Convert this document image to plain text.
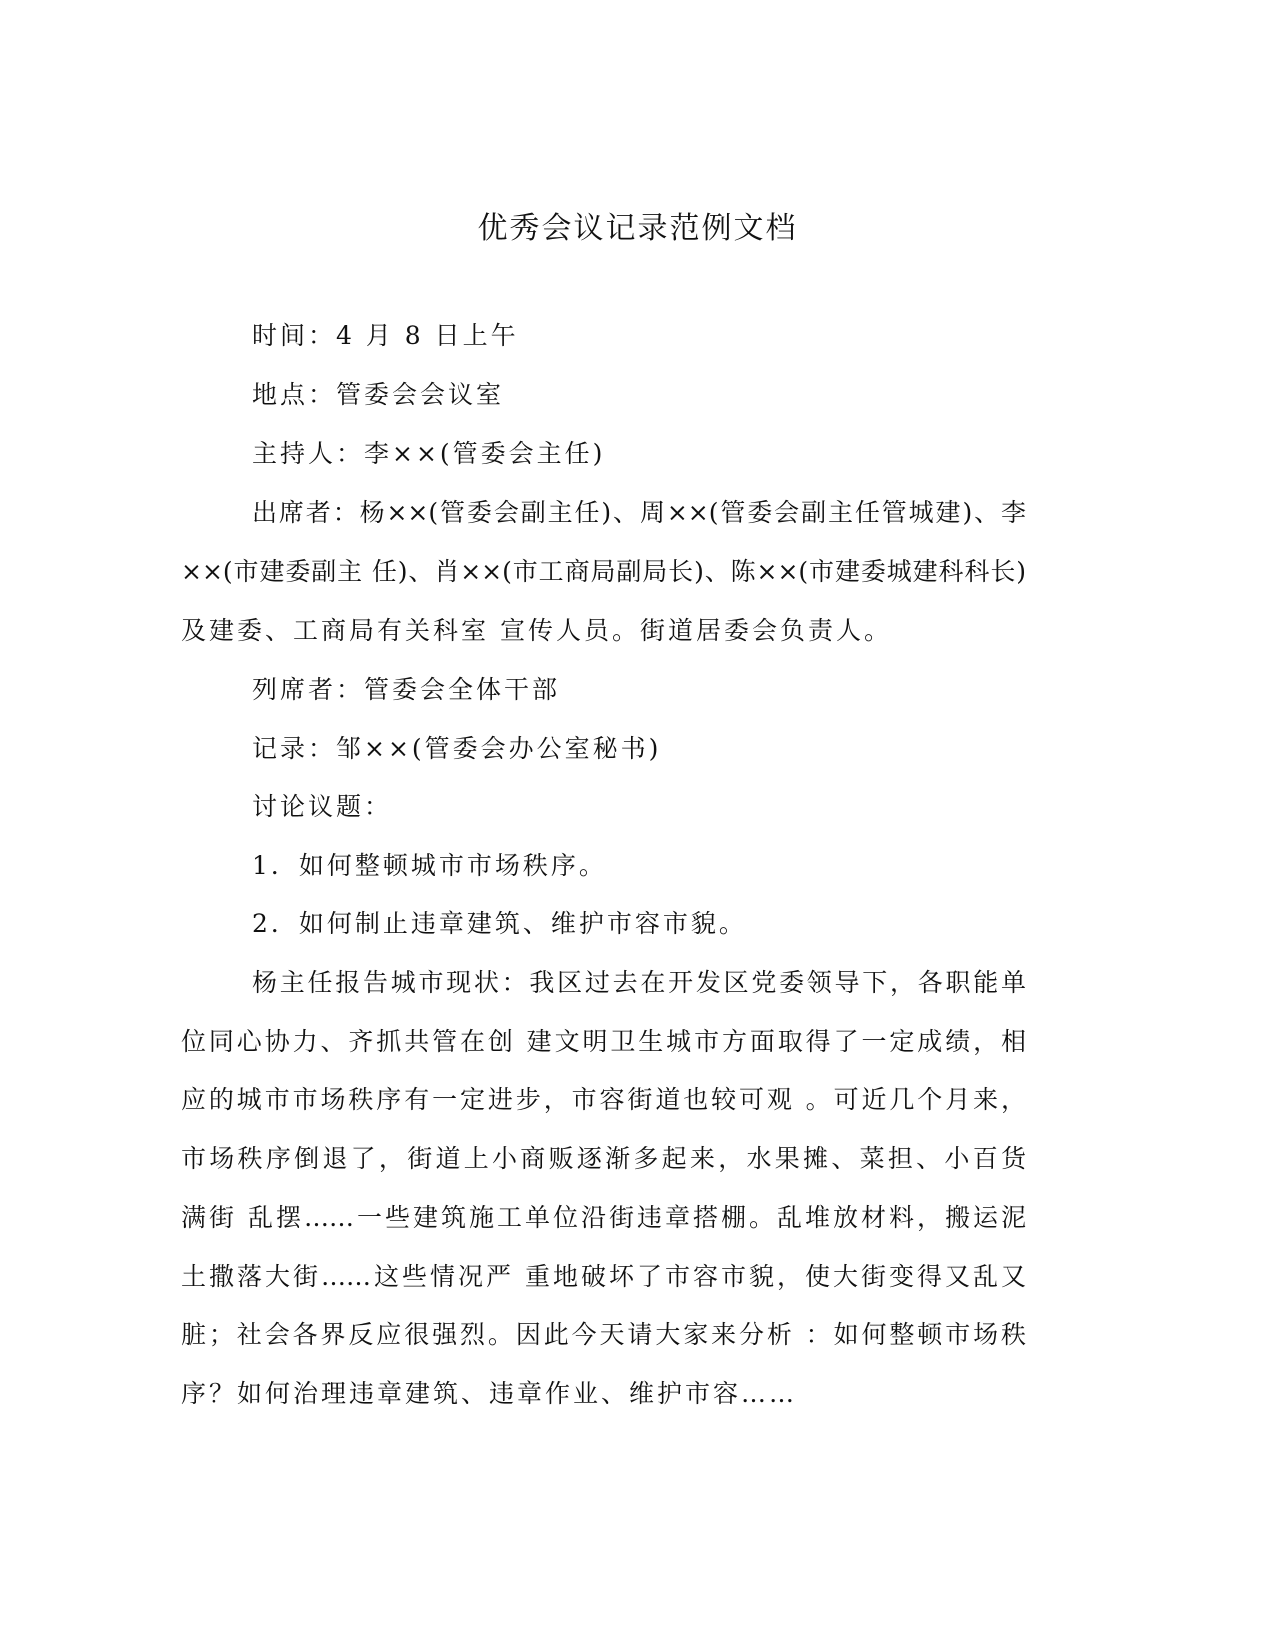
优秀会议记录范例文档
时间：4 月 8 日上午
地点：管委会会议室
主持人：李××(管委会主任)
出席者：杨××(管委会副主任)、周××(管委会副主任管城建)、李
××(市建委副主 任)、肖××(市工商局副局长)、陈××(市建委城建科科长)
及建委、工商局有关科室 宣传人员。街道居委会负责人。
列席者：管委会全体干部
记录：邹××(管委会办公室秘书)
讨论议题：
1．如何整顿城市市场秩序。
2．如何制止违章建筑、维护市容市貌。
杨主任报告城市现状：我区过去在开发区党委领导下，各职能单
位同心协力、齐抓共管在创 建文明卫生城市方面取得了一定成绩，相
应的城市市场秩序有一定进步，市容街道也较可观 。可近几个月来，
市场秩序倒退了，街道上小商贩逐渐多起来，水果摊、菜担、小百货
满街 乱摆……一些建筑施工单位沿街违章搭棚。乱堆放材料，搬运泥
土撒落大街……这些情况严 重地破坏了市容市貌，使大街变得又乱又
脏；社会各界反应很强烈。因此今天请大家来分析 ：如何整顿市场秩
序？如何治理违章建筑、违章作业、维护市容……
